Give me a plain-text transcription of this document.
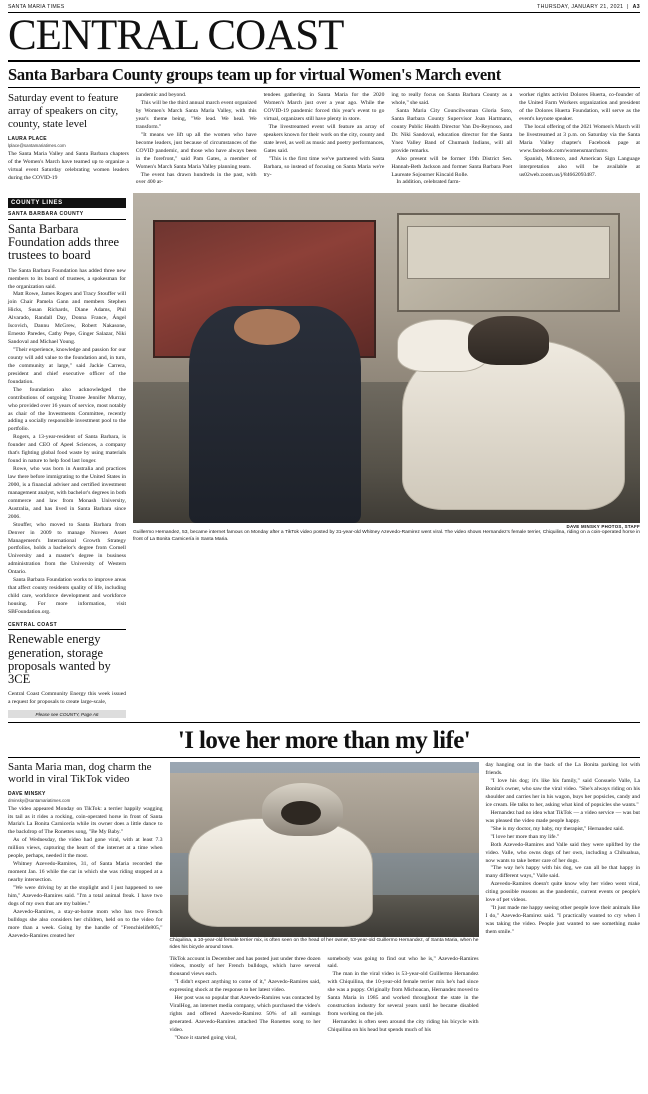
SANTA MARIA TIMES	THURSDAY, JANUARY 21, 2021  |  A3
CENTRAL COAST
Santa Barbara County groups team up for virtual Women's March event
Saturday event to feature array of speakers on city, county, state level
LAURA PLACE
lplace@santamariatimes.com

The Santa Maria Valley and Santa Barbara chapters of the Women's March have teamed up to organize a virtual event Saturday celebrating women leaders during the COVID-19

pandemic and beyond.

This will be the third annual march event organized by Women's March Santa Maria Valley, with this year's theme being, "We lead. We heal. We transform."

"It means we lift up all the women who have become leaders, just because of circumstances of the COVID pandemic, and those who have always been in the forefront," said Pam Gates, a member of Women's March Santa Maria Valley planning team.

The event has drawn hundreds in the past, with over 400 at-

tendees gathering in Santa Maria for the 2020 Women's March just over a year ago. While the COVID-19 pandemic forced this year's event to go virtual, organizers still have plenty in store.

The livestreamed event will feature an array of speakers known for their work on the city, county and state level, as well as music and poetry performances, Gates said.

"This is the first time we've partnered with Santa Barbara, so instead of focusing on Santa Maria we're try-

ing to really focus on Santa Barbara County as a whole," she said.

Santa Maria City Councilwoman Gloria Soto, Santa Barbara County Supervisor Joan Hartmann, county Public Health Director Van Do-Reynoso, and Dr. Niki Sandoval, education director for the Santa Ynez Valley Band of Chumash Indians, will all provide remarks.

Also present will be former 19th District Sen. Hannah-Beth Jackson and former Santa Barbara Poet Laureate Sojourner Kincaid Rolle.

In addition, celebrated farm-

worker rights activist Dolores Huerta, co-founder of the United Farm Workers organization and president of the Dolores Huerta Foundation, will serve as the event's keynote speaker.

The local offering of the 2021 Women's March will be livestreamed at 3 p.m. on Saturday via the Santa Maria Valley chapter's Facebook page at www.facebook.com/womensmarchsmv.

Spanish, Mixteco, and American Sign Language interpretation also will be available at us02web.zoom.us/j/84662093487.

COUNTY LINES
SANTA BARBARA COUNTY
Santa Barbara Foundation adds three trustees to board

The Santa Barbara Foundation has added three new members to its board of trustees, a spokesman for the organization said.

Matt Rowe, James Rogers and Tracy Stouffer will join Chair Pamela Gann and members Stephen Hicks, Susan Richards, Diane Adams, Phil Alvarado, Randall Day, Donna France, Ángel Iscovich, Dannu McGrew, Robert Nakasone, Ernesto Paredes, Cathy Pepe, Ginger Salazar, Niki Sandoval and Michael Young.

"Their experience, knowledge and passion for our county will add value to the foundation and, in turn, the community at large," said Jackie Carrera, president and chief executive officer of the foundation.

The foundation also acknowledged the contributions of outgoing Trustee Jennifer Murray, who provided over 16 years of service, most notably as chair of the Investments Committee, recently adding a socially responsible investment pool to the portfolio.

Rogers, a 13-year-resident of Santa Barbara, is founder and CEO of Apeel Sciences, a company that's fighting global food waste by using materials found in nature to help food last longer.

Rowe, who was born in Australia and practices law there before immigrating to the United States in 2000, is a financial adviser and certified investment management analyst, with bachelor's degrees in both commerce and law from Monash University, Australia, and has lived in Santa Barbara since 2006.

Stouffer, who moved to Santa Barbara from Denver in 2009 to manage Nuveen Asset Management's International Growth Strategy portfolios, holds a bachelor's degree from Cornell University and a master's degree in business administration from the University of Western Ontario.

Santa Barbara Foundation works to improve areas that affect county residents quality of life, including child care, workforce development and workforce housing. For more information, visit SBFoundation.org.

CENTRAL COAST
Renewable energy generation, storage proposals wanted by 3CE

Central Coast Community Energy this week issued a request for proposals to create large-scale,

Please see COUNTY, Page A6
DAVE MINSKY PHOTOS, STAFF
Guillermo Hernandez, 53, became internet famous on Monday after a TikTok video posted by 31-year-old Whitney Azevedo-Ramirez went viral. The video shows Hernandez's female terrier, Chiquilina, riding on a coin-operated horse in front of La Bonita Carnicería in Santa Maria.
'I love her more than my life'
Santa Maria man, dog charm the world in viral TikTok video
DAVE MINSKY
dminsky@santamariatimes.com

The video appeared Monday on TikTok: a terrier happily wagging its tail as it rides a rocking, coin-operated horse in front of Santa Maria's La Bonita Carnicería while its owner does a little dance to the backdrop of The Ronettes song, "Be My Baby."

As of Wednesday, the video had gone viral, with at least 7.3 million views, capturing the heart of the internet at a time when people, perhaps, needed it the most.

Whitney Azevedo-Ramires, 31, of Santa Maria recorded the moment Jan. 16 while the car in which she was riding stopped at a nearby intersection.

"We were driving by at the stoplight and I just happened to see him," Azevedo-Ramires said. "I'm a total animal freak. I have two dogs of my own that are my babies."

Azevedo-Ramires, a stay-at-home mom who has two French bulldogs she also considers her children, held on to the video for more than a week. Going by the handle of "Frenchielife805," Azevedo-Ramires created her

Chiquilina, a 10-year-old female terrier mix, is often seen on the head of her owner, 53-year-old Guillermo Hernandez, of Santa Maria, when he rides his bicycle around town.

TikTok account in December and has posted just under three dozen videos, mostly of her French bulldogs, which have several thousand views each.

"I didn't expect anything to come of it," Azevedo-Ramires said, expressing shock at the response to her latest video.

Her post was so popular that Azevedo-Ramires was contacted by ViralHog, an internet media company, which purchased the video's rights and offered Azevedo-Ramirez 50% of all earnings generated. Azevedo-Ramires attached The Ronettes song to her video.

"Once it started going viral,

somebody was going to find out who he is," Azevedo-Ramires said.

The man in the viral video is 53-year-old Guillermo Hernandez with Chiquilina, the 10-year-old female terrier mix he's had since she was a puppy. Originally from Michoacan, Hernandez moved to Santa Maria in 1985 and worked throughout the state in the construction industry for several years until he became disabled from working on the job.

Hernandez is often seen around the city riding his bicycle with Chiquilina on his head but spends much of his

day hanging out in the back of the La Bonita parking lot with friends.

"I love his dog; it's like his family," said Consuelo Valle, La Bonita's owner, who saw the viral video. "She's always riding on his shoulder and carries her in his wagon, buys her popsicles, candy and ice cream. He talks to her, asking what kind of popsicles she wants."

Hernandez had no idea what TikTok — a video service — was but was pleased the video made people happy.

"She is my doctor, my baby, my therapist," Hernandez said.

"I love her more than my life."

Both Azevedo-Ramires and Valle said they were uplifted by the video. Valle, who owns dogs of her own, including a Chihuahua, now wants to take better care of her dogs.

"The way he's happy with his dog, we can all be that happy in many different ways," Valle said.

Azevedo-Ramires doesn't quite know why her video went viral, citing possible reasons as the pandemic, current events or people's love of pet videos.

"It just made me happy seeing other people love their animals like I do," Azevedo-Ramirez said. "I practically wanted to cry when I was taking the video. People just wanted to see something make them smile."
